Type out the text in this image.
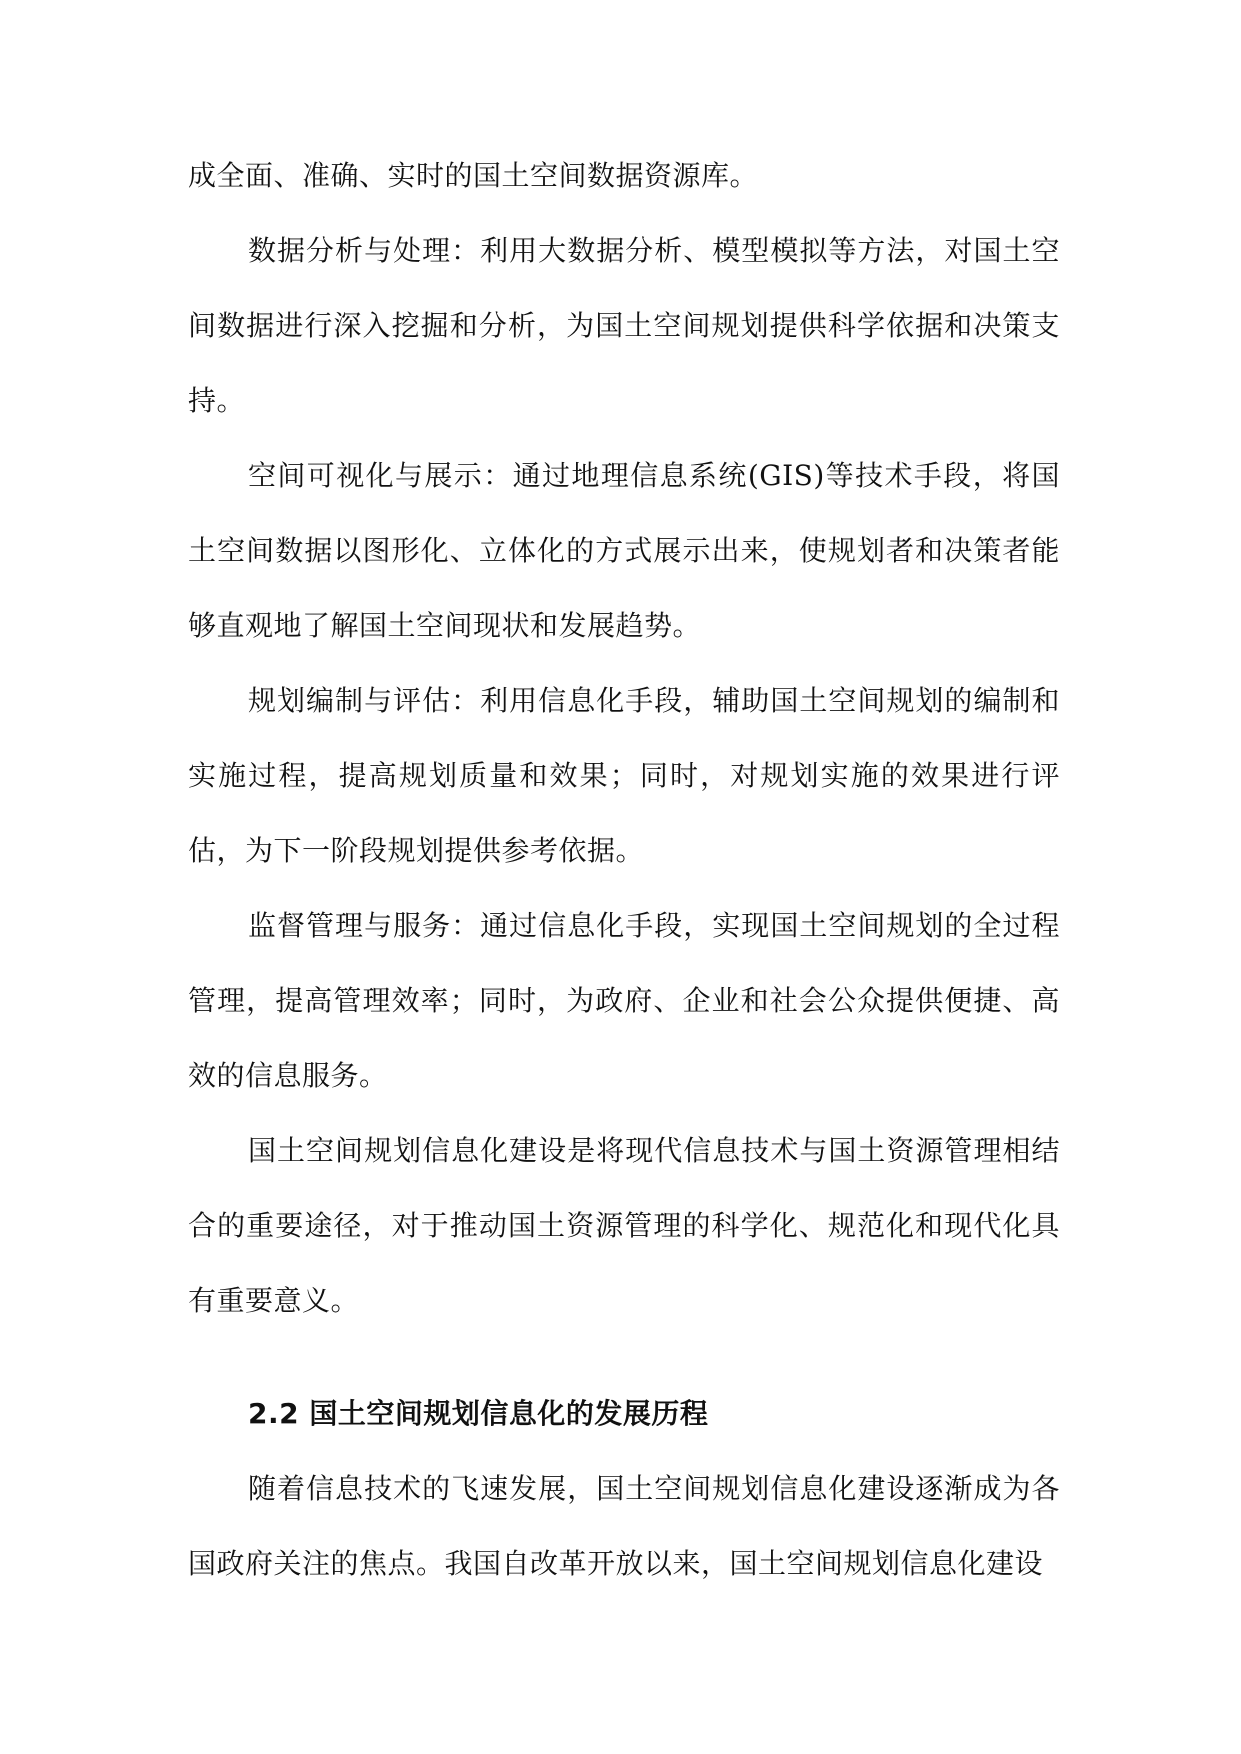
成全面、准确、实时的国土空间数据资源库。

数据分析与处理：利用大数据分析、模型模拟等方法，对国土空间数据进行深入挖掘和分析，为国土空间规划提供科学依据和决策支持。

空间可视化与展示：通过地理信息系统(GIS)等技术手段，将国土空间数据以图形化、立体化的方式展示出来，使规划者和决策者能够直观地了解国土空间现状和发展趋势。

规划编制与评估：利用信息化手段，辅助国土空间规划的编制和实施过程，提高规划质量和效果；同时，对规划实施的效果进行评估，为下一阶段规划提供参考依据。

监督管理与服务：通过信息化手段，实现国土空间规划的全过程管理，提高管理效率；同时，为政府、企业和社会公众提供便捷、高效的信息服务。

国土空间规划信息化建设是将现代信息技术与国土资源管理相结合的重要途径，对于推动国土资源管理的科学化、规范化和现代化具有重要意义。

2.2 国土空间规划信息化的发展历程

随着信息技术的飞速发展，国土空间规划信息化建设逐渐成为各国政府关注的焦点。我国自改革开放以来，国土空间规划信息化建设
